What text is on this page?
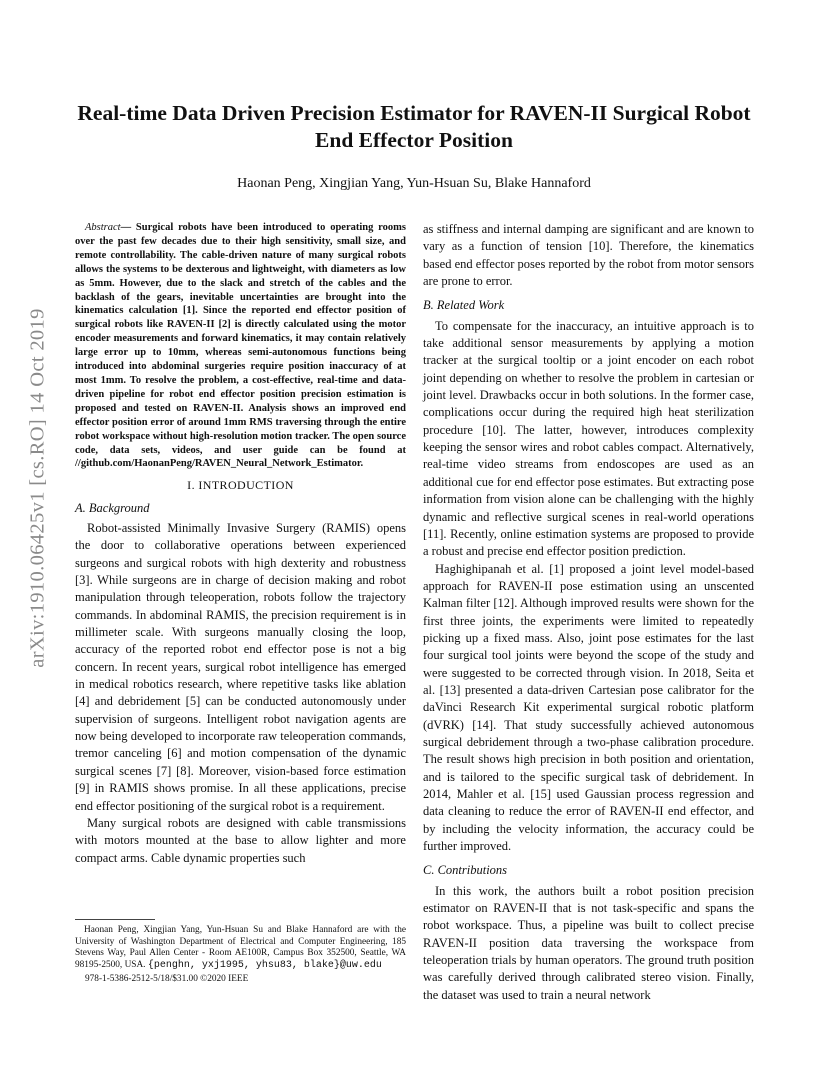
arXiv:1910.06425v1 [cs.RO] 14 Oct 2019
Real-time Data Driven Precision Estimator for RAVEN-II Surgical Robot End Effector Position
Haonan Peng, Xingjian Yang, Yun-Hsuan Su, Blake Hannaford

Abstract— Surgical robots have been introduced to operating rooms over the past few decades due to their high sensitivity, small size, and remote controllability. The cable-driven nature of many surgical robots allows the systems to be dexterous and lightweight, with diameters as low as 5mm. However, due to the slack and stretch of the cables and the backlash of the gears, inevitable uncertainties are brought into the kinematics calculation [1]. Since the reported end effector position of surgical robots like RAVEN-II [2] is directly calculated using the motor encoder measurements and forward kinematics, it may contain relatively large error up to 10mm, whereas semi-autonomous functions being introduced into abdominal surgeries require position inaccuracy of at most 1mm. To resolve the problem, a cost-effective, real-time and data-driven pipeline for robot end effector position precision estimation is proposed and tested on RAVEN-II. Analysis shows an improved end effector position error of around 1mm RMS traversing through the entire robot workspace without high-resolution motion tracker. The open source code, data sets, videos, and user guide can be found at //github.com/HaonanPeng/RAVEN_Neural_Network_Estimator.

I. INTRODUCTION
A. Background

Robot-assisted Minimally Invasive Surgery (RAMIS) opens the door to collaborative operations between experienced surgeons and surgical robots with high dexterity and robustness [3]. While surgeons are in charge of decision making and robot manipulation through teleoperation, robots follow the trajectory commands. In abdominal RAMIS, the precision requirement is in millimeter scale. With surgeons manually closing the loop, accuracy of the reported robot end effector pose is not a big concern. In recent years, surgical robot intelligence has emerged in medical robotics research, where repetitive tasks like ablation [4] and debridement [5] can be conducted autonomously under supervision of surgeons. Intelligent robot navigation agents are now being developed to incorporate raw teleoperation commands, tremor canceling [6] and motion compensation of the dynamic surgical scenes [7] [8]. Moreover, vision-based force estimation [9] in RAMIS shows promise. In all these applications, precise end effector positioning of the surgical robot is a requirement.

Many surgical robots are designed with cable transmissions with motors mounted at the base to allow lighter and more compact arms. Cable dynamic properties such

as stiffness and internal damping are significant and are known to vary as a function of tension [10]. Therefore, the kinematics based end effector poses reported by the robot from motor sensors are prone to error.

B. Related Work

To compensate for the inaccuracy, an intuitive approach is to take additional sensor measurements by applying a motion tracker at the surgical tooltip or a joint encoder on each robot joint depending on whether to resolve the problem in cartesian or joint level. Drawbacks occur in both solutions. In the former case, complications occur during the required high heat sterilization procedure [10]. The latter, however, introduces complexity keeping the sensor wires and robot cables compact. Alternatively, real-time video streams from endoscopes are used as an additional cue for end effector pose estimates. But extracting pose information from vision alone can be challenging with the highly dynamic and reflective surgical scenes in real-world operations [11]. Recently, online estimation systems are proposed to provide a robust and precise end effector position prediction.

Haghighipanah et al. [1] proposed a joint level model-based approach for RAVEN-II pose estimation using an unscented Kalman filter [12]. Although improved results were shown for the first three joints, the experiments were limited to repeatedly picking up a fixed mass. Also, joint pose estimates for the last four surgical tool joints were beyond the scope of the study and were suggested to be corrected through vision. In 2018, Seita et al. [13] presented a data-driven Cartesian pose calibrator for the daVinci Research Kit experimental surgical robotic platform (dVRK) [14]. That study successfully achieved autonomous surgical debridement through a two-phase calibration procedure. The result shows high precision in both position and orientation, and is tailored to the specific surgical task of debridement. In 2014, Mahler et al. [15] used Gaussian process regression and data cleaning to reduce the error of RAVEN-II end effector, and by including the velocity information, the accuracy could be further improved.

C. Contributions

In this work, the authors built a robot position precision estimator on RAVEN-II that is not task-specific and spans the robot workspace. Thus, a pipeline was built to collect precise RAVEN-II position data traversing the workspace from teleoperation trials by human operators. The ground truth position was carefully derived through calibrated stereo vision. Finally, the dataset was used to train a neural network

Haonan Peng, Xingjian Yang, Yun-Hsuan Su and Blake Hannaford are with the University of Washington Department of Electrical and Computer Engineering, 185 Stevens Way, Paul Allen Center - Room AE100R, Campus Box 352500, Seattle, WA 98195-2500, USA. {penghn, yxj1995, yhsu83, blake}@uw.edu

978-1-5386-2512-5/18/$31.00 ©2020 IEEE
